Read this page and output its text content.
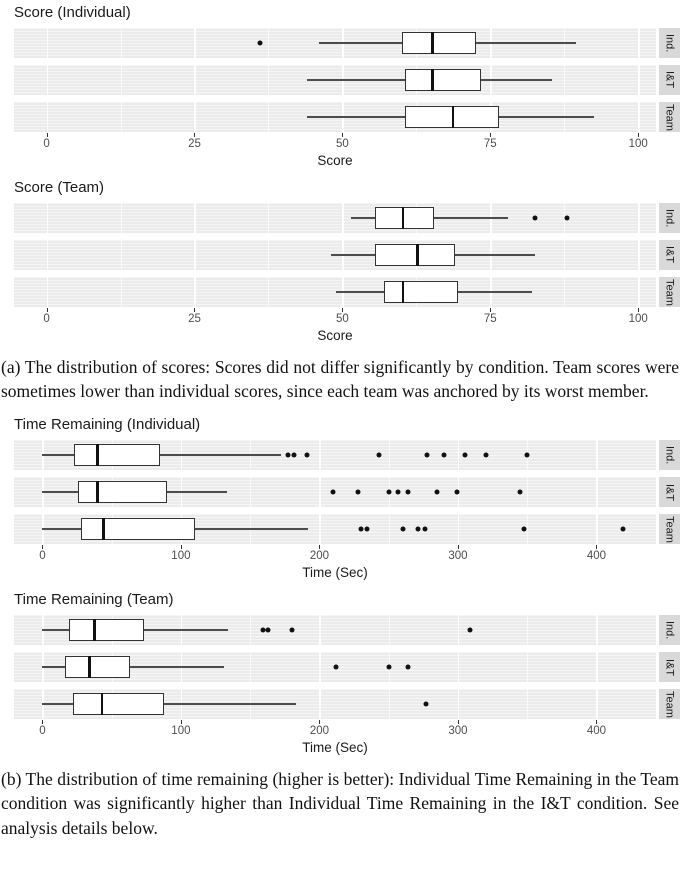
Score (Individual)
Ind.
I&T
Team
0	25	50	75	100
Score
Score (Team)
Ind.
I&T
Team
0	25	50	75	100
Score

(a) The distribution of scores: Scores did not differ significantly by condition. Team scores were sometimes lower than individual scores, since each team was anchored by its worst member.

Time Remaining (Individual)
Ind.
I&T
Team
0	100	200	300	400
Time (Sec)
Time Remaining (Team)
Ind.
I&T
Team
0	100	200	300	400
Time (Sec)

(b) The distribution of time remaining (higher is better): Individual Time Remaining in the Team condition was significantly higher than Individual Time Remaining in the I&T condition. See analysis details below.
